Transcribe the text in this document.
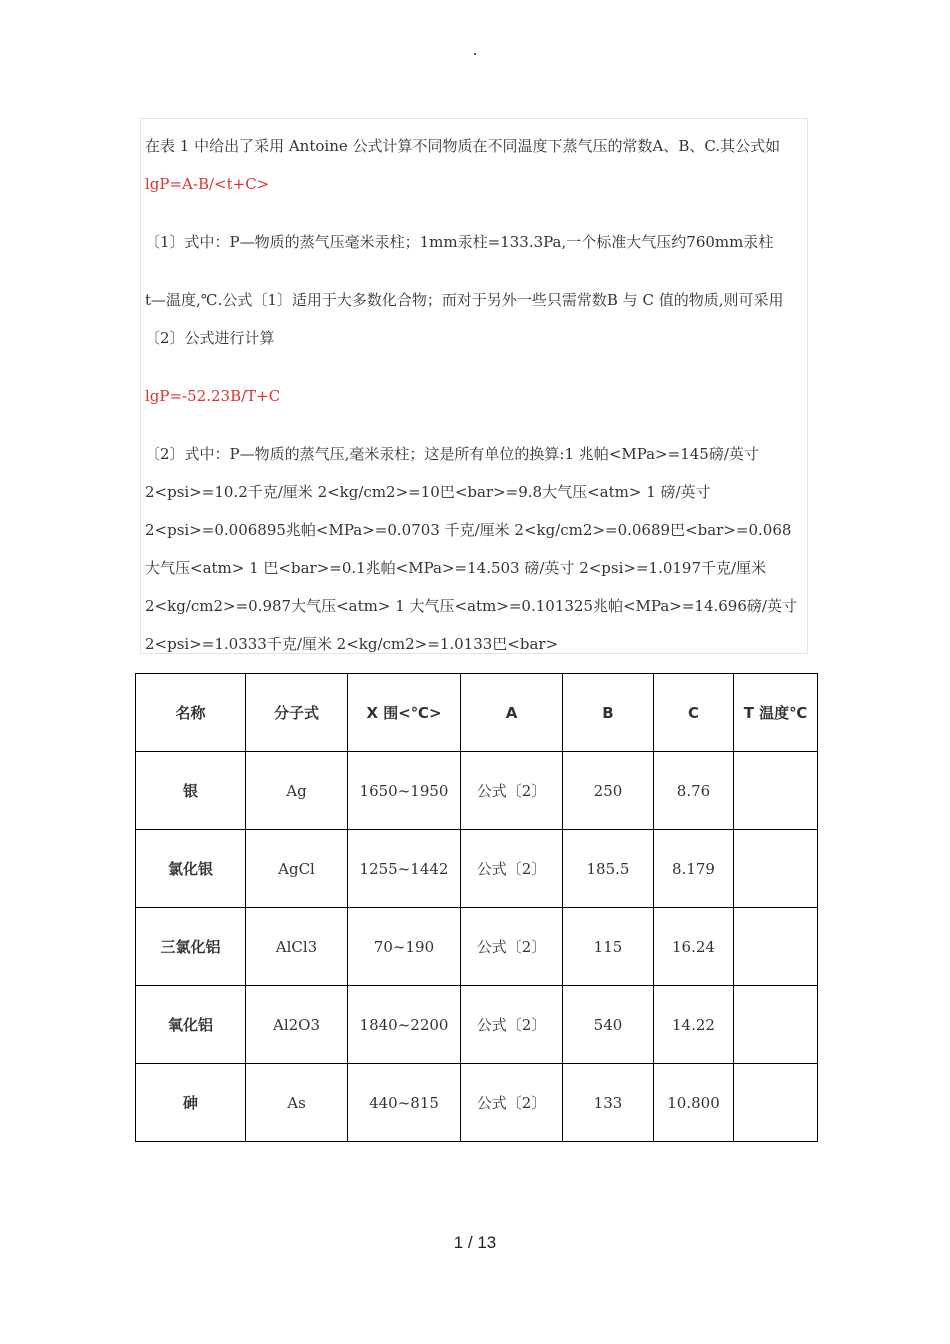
.

在表 1 中给出了采用 Antoine 公式计算不同物质在不同温度下蒸气压的常数A、B、C.其公式如lgP=A-B/<t+C>

〔1〕式中：P—物质的蒸气压毫米汞柱；1mm汞柱=133.3Pa,一个标准大气压约760mm汞柱

t—温度,℃.公式〔1〕适用于大多数化合物；而对于另外一些只需常数B 与 C 值的物质,则可采用〔2〕公式进行计算

lgP=-52.23B/T+C

〔2〕式中：P—物质的蒸气压,毫米汞柱；这是所有单位的换算:1 兆帕<MPa>=145磅/英寸 2<psi>=10.2千克/厘米 2<kg/cm2>=10巴<bar>=9.8大气压<atm> 1 磅/英寸 2<psi>=0.006895兆帕<MPa>=0.0703 千克/厘米 2<kg/cm2>=0.0689巴<bar>=0.068大气压<atm> 1 巴<bar>=0.1兆帕<MPa>=14.503 磅/英寸 2<psi>=1.0197千克/厘米 2<kg/cm2>=0.987大气压<atm> 1 大气压<atm>=0.101325兆帕<MPa>=14.696磅/英寸 2<psi>=1.0333千克/厘米 2<kg/cm2>=1.0133巴<bar>

名称	分子式	X 围<℃>	A	B	C	T 温度℃
银	Ag	1650~1950	公式〔2〕	250	8.76	
氯化银	AgCl	1255~1442	公式〔2〕	185.5	8.179	
三氯化铝	AlCl3	70~190	公式〔2〕	115	16.24	
氧化铝	Al2O3	1840~2200	公式〔2〕	540	14.22	
砷	As	440~815	公式〔2〕	133	10.800	
1 / 13
